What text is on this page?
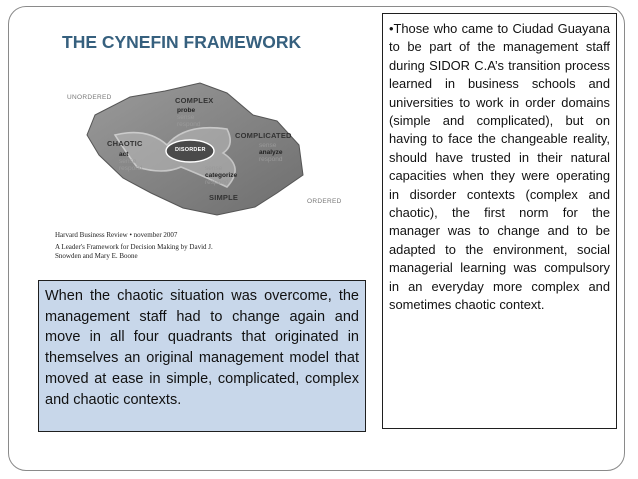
THE CYNEFIN FRAMEWORK
UNORDERED
ORDERED
COMPLEX
probe
sense
respond
COMPLICATED
sense
analyze
respond
CHAOTIC
act
sense
respond
DISORDER
sense
categorize
respond
SIMPLE
Harvard Business Review • november 2007
A Leader's Framework for Decision Making by David J.
Snowden and Mary E. Boone
When the chaotic situation was overcome, the management staff had to change again and move in all four quadrants that originated in themselves an original management model that moved at ease in simple, complicated, complex and chaotic contexts.
•Those who came to Ciudad Guayana to be part of the management staff during SIDOR C.A’s transition process learned in business schools and universities to work in order domains (simple and complicated), but on having to face the changeable reality, should have trusted in their natural capacities when they were operating in disorder contexts (complex and chaotic), the first norm for the manager was to change and to be adapted to the environment, social managerial learning was compulsory in an everyday more complex and sometimes chaotic context.
